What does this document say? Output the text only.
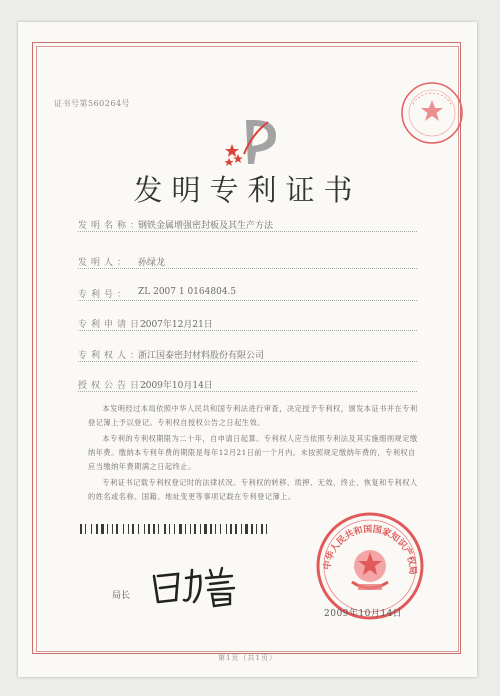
证书号第560264号
发明专利证书
发明名称：
钢铁金属增强密封板及其生产方法
发明人： 孙绿龙
专利号： ZL 2007 1 0164804.5
专利申请日：
2007年12月21日
专利权人：
浙江国泰密封材料股份有限公司
授权公告日：
2009年10月14日
本发明经过本局依照中华人民共和国专利法进行审查，决定授予专利权，颁发本证书并在专利登记簿上予以登记。专利权自授权公告之日起生效。
本专利的专利权期限为二十年，自申请日起算。专利权人应当依照专利法及其实施细则规定缴纳年费。缴纳本专利年费的期限是每年12月21日前一个月内。未按照规定缴纳年费的，专利权自应当缴纳年费期满之日起终止。
专利证书记载专利权登记时的法律状况。专利权的转移、质押、无效、终止、恢复和专利权人的姓名或名称、国籍、地址变更等事项记载在专利登记簿上。
局长
中华人民共和国国家知识产权局
2009年10月14日
第1页（共1页）
